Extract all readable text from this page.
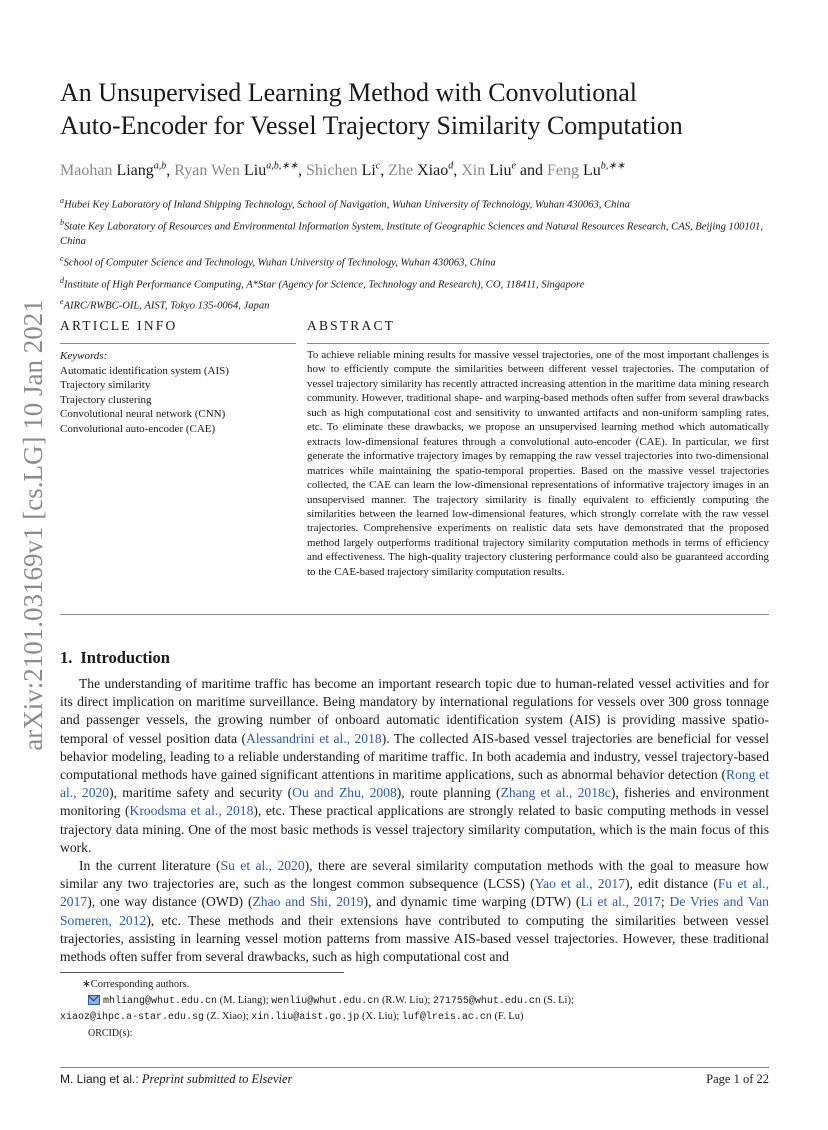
arXiv:2101.03169v1 [cs.LG] 10 Jan 2021
An Unsupervised Learning Method with Convolutional
Auto-Encoder for Vessel Trajectory Similarity Computation
Maohan Liang$^{a,b}$, Ryan Wen Liu$^{a,b,∗∗}$, Shichen Li$^c$, Zhe Xiao$^d$, Xin Liu$^e$ and Feng $Lu^{b,∗∗}$
$^a$Hubei Key Laboratory of Inland Shipping Technology, School of Navigation, Wuhan University of Technology, Wuhan 430063, China
$^b$State Key Laboratory of Resources and Environmental Information System, Institute of Geographic Sciences and Natural Resources Research, CAS, Beijing 100101, China
$^c$School of Computer Science and Technology, Wuhan University of Technology, Wuhan 430063, China
$^d$Institute of High Performance Computing, A*Star (Agency for Science, Technology and Research), CO, 118411, Singapore
$^e$AIRC/RWBC-OIL, AIST, Tokyo 135-0064, Japan
ARTICLE INFO
Keywords:
Automatic identification system (AIS)
Trajectory similarity
Trajectory clustering
Convolutional neural network (CNN)
Convolutional auto-encoder (CAE)
ABSTRACT

To achieve reliable mining results for massive vessel trajectories, one of the most important challenges is how to efficiently compute the similarities between different vessel trajectories. The computation of vessel trajectory similarity has recently attracted increasing attention in the maritime data mining research community. However, traditional shape- and warping-based methods often suffer from several drawbacks such as high computational cost and sensitivity to unwanted artifacts and non-uniform sampling rates, etc. To eliminate these drawbacks, we propose an unsupervised learning method which automatically extracts low-dimensional features through a convolutional auto-encoder (CAE). In particular, we first generate the informative trajectory images by remapping the raw vessel trajectories into two-dimensional matrices while maintaining the spatio-temporal properties. Based on the massive vessel trajectories collected, the CAE can learn the low-dimensional representations of informative trajectory images in an unsupervised manner. The trajectory similarity is finally equivalent to efficiently computing the similarities between the learned low-dimensional features, which strongly correlate with the raw vessel trajectories. Comprehensive experiments on realistic data sets have demonstrated that the proposed method largely outperforms traditional trajectory similarity computation methods in terms of efficiency and effectiveness. The high-quality trajectory clustering performance could also be guaranteed according to the CAE-based trajectory similarity computation results.

1. Introduction

The understanding of maritime traffic has become an important research topic due to human-related vessel activities and for its direct implication on maritime surveillance. Being mandatory by international regulations for vessels over 300 gross tonnage and passenger vessels, the growing number of onboard automatic identification system (AIS) is providing massive spatio-temporal of vessel position data (Alessandrini et al., 2018). The collected AIS-based vessel trajectories are beneficial for vessel behavior modeling, leading to a reliable understanding of maritime traffic. In both academia and industry, vessel trajectory-based computational methods have gained significant attentions in maritime applications, such as abnormal behavior detection (Rong et al., 2020), maritime safety and security (Ou and Zhu, 2008), route planning (Zhang et al., 2018c), fisheries and environment monitoring (Kroodsma et al., 2018), etc. These practical applications are strongly related to basic computing methods in vessel trajectory data mining. One of the most basic methods is vessel trajectory similarity computation, which is the main focus of this work.

In the current literature (Su et al., 2020), there are several similarity computation methods with the goal to measure how similar any two trajectories are, such as the longest common subsequence (LCSS) (Yao et al., 2017), edit distance (Fu et al., 2017), one way distance (OWD) (Zhao and Shi, 2019), and dynamic time warping (DTW) (Li et al., 2017; De Vries and Van Someren, 2012), etc. These methods and their extensions have contributed to computing the similarities between vessel trajectories, assisting in learning vessel motion patterns from massive AIS-based vessel trajectories. However, these traditional methods often suffer from several drawbacks, such as high computational cost and

∗Corresponding authors.
mhliang@whut.edu.cn (M. Liang); wenliu@whut.edu.cn (R.W. Liu); 271755@whut.edu.cn (S. Li);
xiaoz@ihpc.a-star.edu.sg (Z. Xiao); xin.liu@aist.go.jp (X. Liu); luf@lreis.ac.cn (F. Lu)
ORCID(s):
M. Liang et al.: Preprint submitted to Elsevier	Page 1 of 22
